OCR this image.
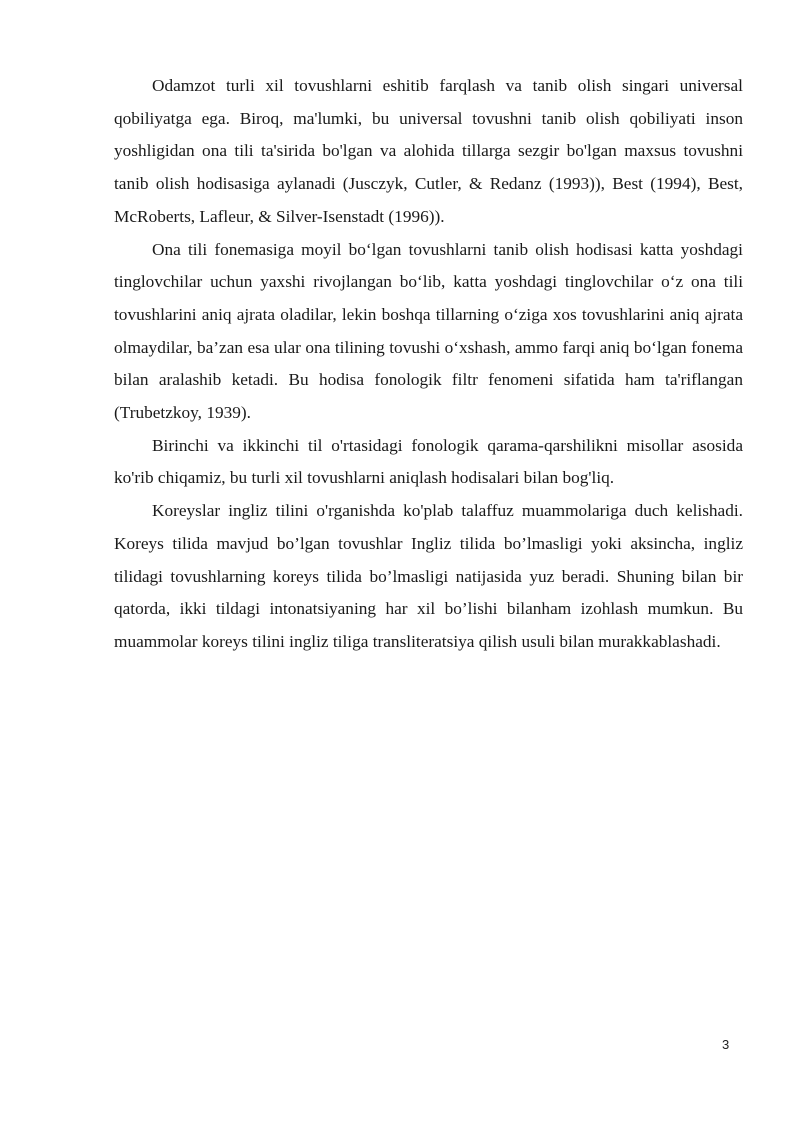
Odamzot turli xil tovushlarni eshitib farqlash va tanib olish singari universal qobiliyatga ega. Biroq, ma'lumki, bu universal tovushni tanib olish qobiliyati inson yoshligidan ona tili ta'sirida bo'lgan va alohida tillarga sezgir bo'lgan maxsus tovushni tanib olish hodisasiga aylanadi (Jusczyk, Cutler, & Redanz (1993)), Best (1994), Best, McRoberts, Lafleur, & Silver-Isenstadt (1996)).

Ona tili fonemasiga moyil bo‘lgan tovushlarni tanib olish hodisasi katta yoshdagi tinglovchilar uchun yaxshi rivojlangan bo‘lib, katta yoshdagi tinglovchilar o‘z ona tili tovushlarini aniq ajrata oladilar, lekin boshqa tillarning o‘ziga xos tovushlarini aniq ajrata olmaydilar, ba’zan esa ular ona tilining tovushi o‘xshash, ammo farqi aniq bo‘lgan fonema bilan aralashib ketadi. Bu hodisa fonologik filtr fenomeni sifatida ham ta'riflangan (Trubetzkoy, 1939).

Birinchi va ikkinchi til o'rtasidagi fonologik qarama-qarshilikni misollar asosida ko'rib chiqamiz, bu turli xil tovushlarni aniqlash hodisalari bilan bog'liq.

Koreyslar ingliz tilini o'rganishda ko'plab talaffuz muammolariga duch kelishadi. Koreys tilida mavjud bo’lgan tovushlar Ingliz tilida bo’lmasligi yoki aksincha, ingliz tilidagi tovushlarning koreys tilida bo’lmasligi natijasida yuz beradi. Shuning bilan bir qatorda, ikki tildagi intonatsiyaning har xil bo’lishi bilanham izohlash mumkun. Bu muammolar koreys tilini ingliz tiliga transliteratsiya qilish usuli bilan murakkablashadi.

3
